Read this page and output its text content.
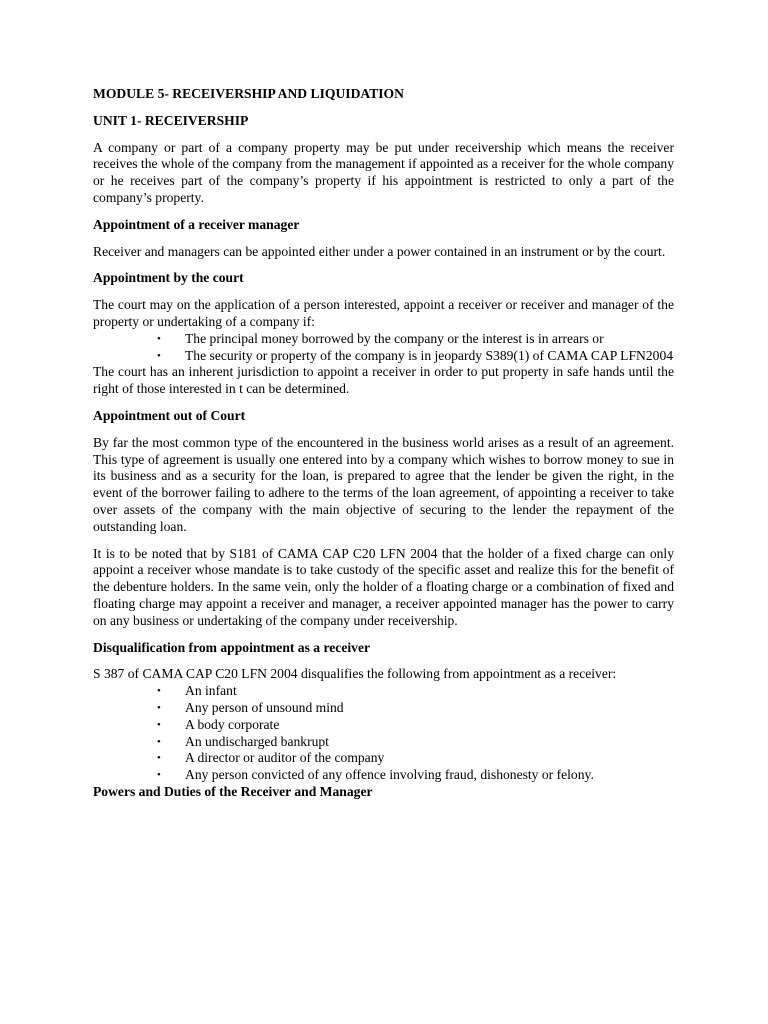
MODULE 5- RECEIVERSHIP AND LIQUIDATION
UNIT 1- RECEIVERSHIP

A company or part of a company property may be put under receivership which means the receiver receives the whole of the company from the management if appointed as a receiver for the whole company or he receives part of the company’s property if his appointment is restricted to only a part of the company’s property.

Appointment of a receiver manager

Receiver and managers can be appointed either under a power contained in an instrument or by the court.

Appointment by the court

The court may on the application of a person interested, appoint a receiver or receiver and manager of the property or undertaking of a company if:

• The principal money borrowed by the company or the interest is in arrears or
• The security or property of the company is in jeopardy S389(1) of CAMA CAP LFN2004

The court has an inherent jurisdiction to appoint a receiver in order to put property in safe hands until the right of those interested in t can be determined.

Appointment out of Court

By far the most common type of the encountered in the business world arises as a result of an agreement. This type of agreement is usually one entered into by a company which wishes to borrow money to sue in its business and as a security for the loan, is prepared to agree that the lender be given the right, in the event of the borrower failing to adhere to the terms of the loan agreement, of appointing a receiver to take over assets of the company with the main objective of securing to the lender the repayment of the outstanding loan.

It is to be noted that by S181 of CAMA CAP C20 LFN 2004 that the holder of a fixed charge can only appoint a receiver whose mandate is to take custody of the specific asset and realize this for the benefit of the debenture holders. In the same vein, only the holder of a floating charge or a combination of fixed and floating charge may appoint a receiver and manager, a receiver appointed manager has the power to carry on any business or undertaking of the company under receivership.

Disqualification from appointment as a receiver

S 387 of CAMA CAP C20 LFN 2004 disqualifies the following from appointment as a receiver:

• An infant
• Any person of unsound mind
• A body corporate
• An undischarged bankrupt
• A director or auditor of the company
• Any person convicted of any offence involving fraud, dishonesty or felony.
Powers and Duties of the Receiver and Manager
